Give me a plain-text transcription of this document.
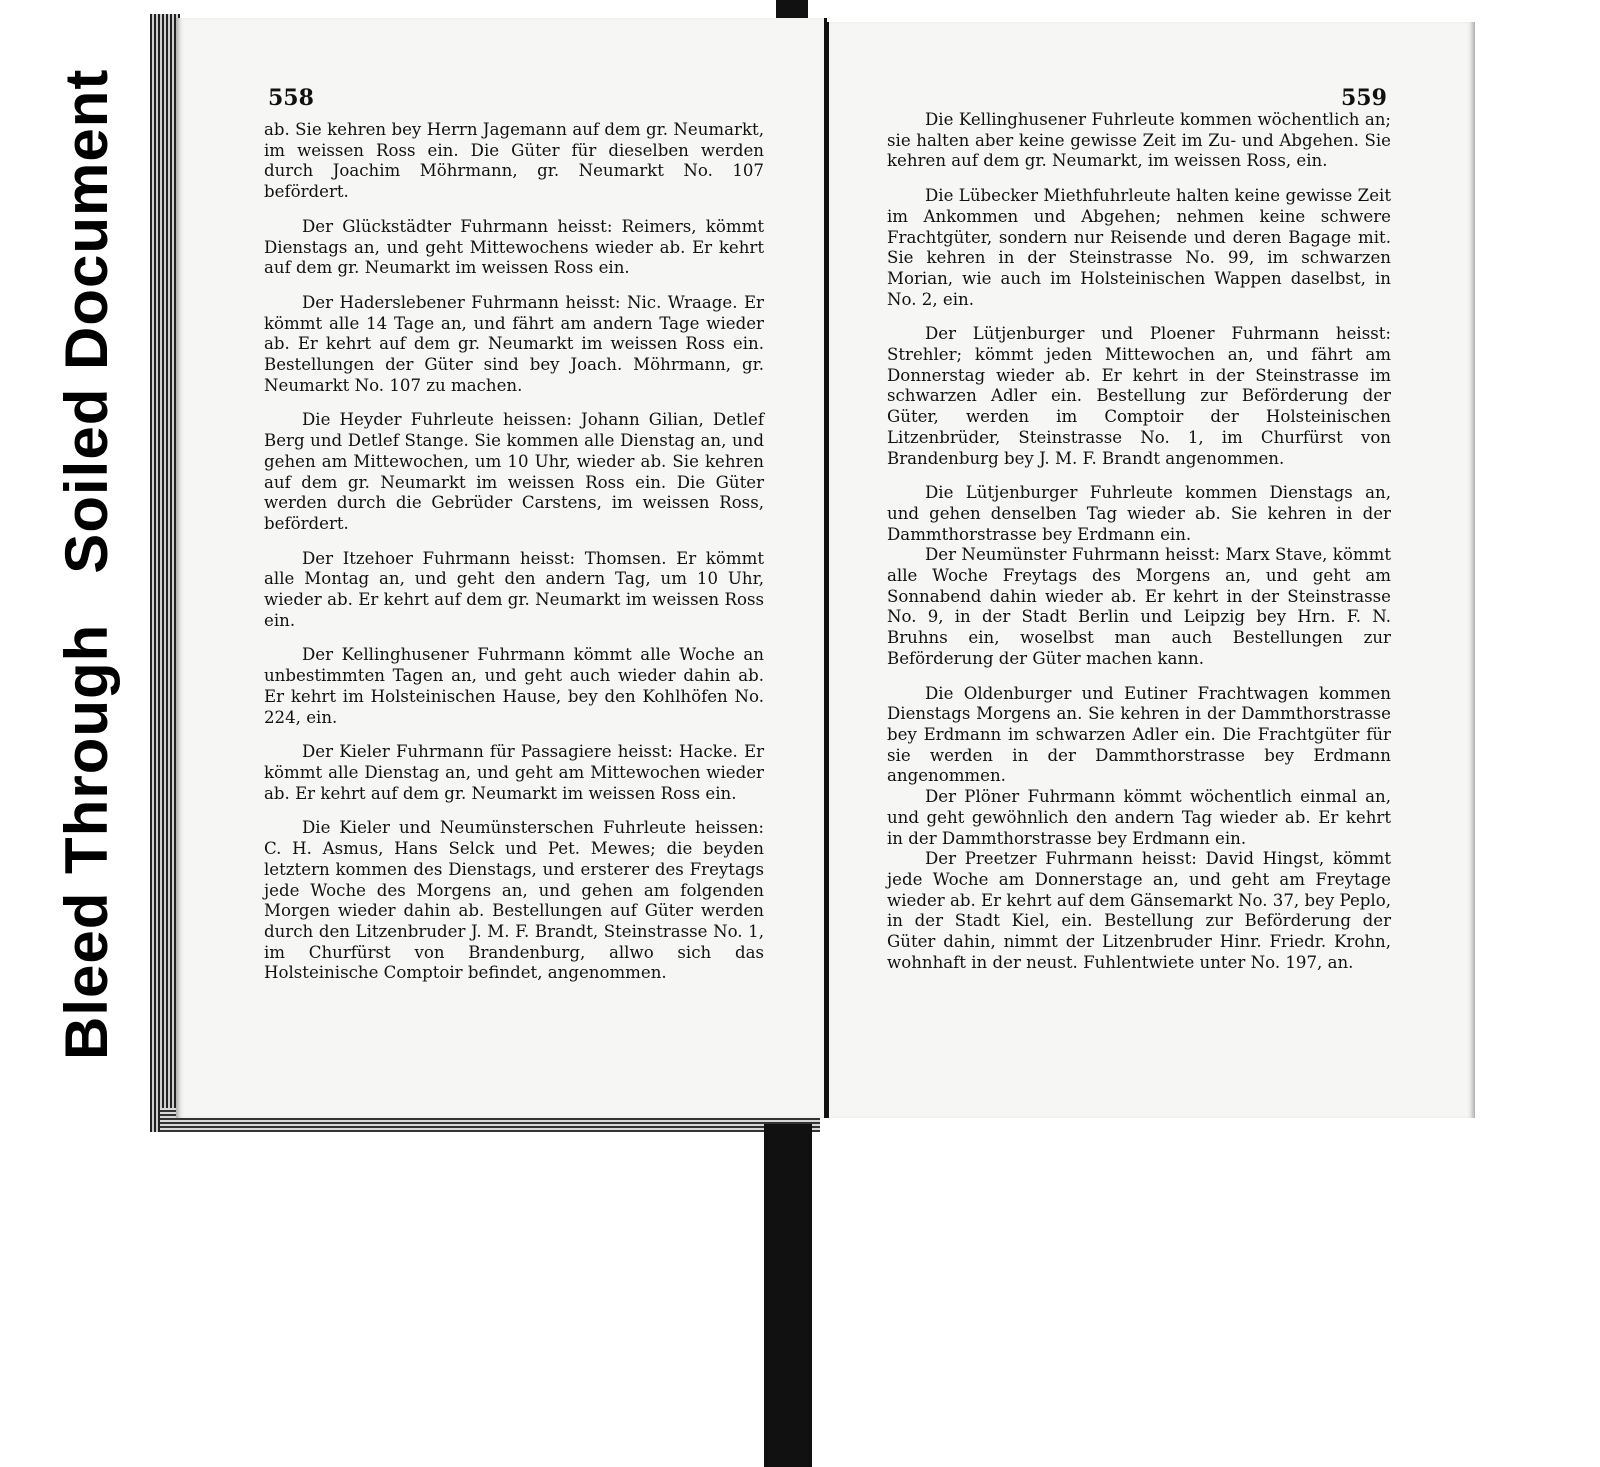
Bleed ThroughSoiled Document	558

ab. Sie kehren bey Herrn Jagemann auf dem gr. Neumarkt, im weissen Ross ein. Die Güter für dieselben werden durch Joachim Möhrmann, gr. Neumarkt No. 107 befördert.

Der Glückstädter Fuhrmann heisst: Reimers, kömmt Dienstags an, und geht Mittewochens wieder ab. Er kehrt auf dem gr. Neumarkt im weissen Ross ein.

Der Haderslebener Fuhrmann heisst: Nic. Wraage. Er kömmt alle 14 Tage an, und fährt am andern Tage wieder ab. Er kehrt auf dem gr. Neumarkt im weissen Ross ein. Bestellungen der Güter sind bey Joach. Möhrmann, gr. Neumarkt No. 107 zu machen.

Die Heyder Fuhrleute heissen: Johann Gilian, Detlef Berg und Detlef Stange. Sie kommen alle Dienstag an, und gehen am Mittewochen, um 10 Uhr, wieder ab. Sie kehren auf dem gr. Neumarkt im weissen Ross ein. Die Güter werden durch die Gebrüder Carstens, im weissen Ross, befördert.

Der Itzehoer Fuhrmann heisst: Thomsen. Er kömmt alle Montag an, und geht den andern Tag, um 10 Uhr, wieder ab. Er kehrt auf dem gr. Neumarkt im weissen Ross ein.

Der Kellinghusener Fuhrmann kömmt alle Woche an unbestimmten Tagen an, und geht auch wieder dahin ab. Er kehrt im Holsteinischen Hause, bey den Kohlhöfen No. 224, ein.

Der Kieler Fuhrmann für Passagiere heisst: Hacke. Er kömmt alle Dienstag an, und geht am Mittewochen wieder ab. Er kehrt auf dem gr. Neumarkt im weissen Ross ein.

Die Kieler und Neumünsterschen Fuhrleute heissen: C. H. Asmus, Hans Selck und Pet. Mewes; die beyden letztern kommen des Dienstags, und ersterer des Freytags jede Woche des Morgens an, und gehen am folgenden Morgen wieder dahin ab. Bestellungen auf Güter werden durch den Litzenbruder J. M. F. Brandt, Steinstrasse No. 1, im Churfürst von Brandenburg, allwo sich das Holsteinische Comptoir befindet, angenommen.

559

Die Kellinghusener Fuhrleute kommen wöchentlich an; sie halten aber keine gewisse Zeit im Zu- und Abgehen. Sie kehren auf dem gr. Neumarkt, im weissen Ross, ein.

Die Lübecker Miethfuhrleute halten keine gewisse Zeit im Ankommen und Abgehen; nehmen keine schwere Frachtgüter, sondern nur Reisende und deren Bagage mit. Sie kehren in der Steinstrasse No. 99, im schwarzen Morian, wie auch im Holsteinischen Wappen daselbst, in No. 2, ein.

Der Lütjenburger und Ploener Fuhrmann heisst: Strehler; kömmt jeden Mittewochen an, und fährt am Donnerstag wieder ab. Er kehrt in der Steinstrasse im schwarzen Adler ein. Bestellung zur Beförderung der Güter, werden im Comptoir der Holsteinischen Litzenbrüder, Steinstrasse No. 1, im Churfürst von Brandenburg bey J. M. F. Brandt angenommen.

Die Lütjenburger Fuhrleute kommen Dienstags an, und gehen denselben Tag wieder ab. Sie kehren in der Dammthorstrasse bey Erdmann ein.

Der Neumünster Fuhrmann heisst: Marx Stave, kömmt alle Woche Freytags des Morgens an, und geht am Sonnabend dahin wieder ab. Er kehrt in der Steinstrasse No. 9, in der Stadt Berlin und Leipzig bey Hrn. F. N. Bruhns ein, woselbst man auch Bestellungen zur Beförderung der Güter machen kann.

Die Oldenburger und Eutiner Frachtwagen kommen Dienstags Morgens an. Sie kehren in der Dammthorstrasse bey Erdmann im schwarzen Adler ein. Die Frachtgüter für sie werden in der Dammthorstrasse bey Erdmann angenommen.

Der Plöner Fuhrmann kömmt wöchentlich einmal an, und geht gewöhnlich den andern Tag wieder ab. Er kehrt in der Dammthorstrasse bey Erdmann ein.

Der Preetzer Fuhrmann heisst: David Hingst, kömmt jede Woche am Donnerstage an, und geht am Freytage wieder ab. Er kehrt auf dem Gänsemarkt No. 37, bey Peplo, in der Stadt Kiel, ein. Bestellung zur Beförderung der Güter dahin, nimmt der Litzenbruder Hinr. Friedr. Krohn, wohnhaft in der neust. Fuhlentwiete unter No. 197, an.
